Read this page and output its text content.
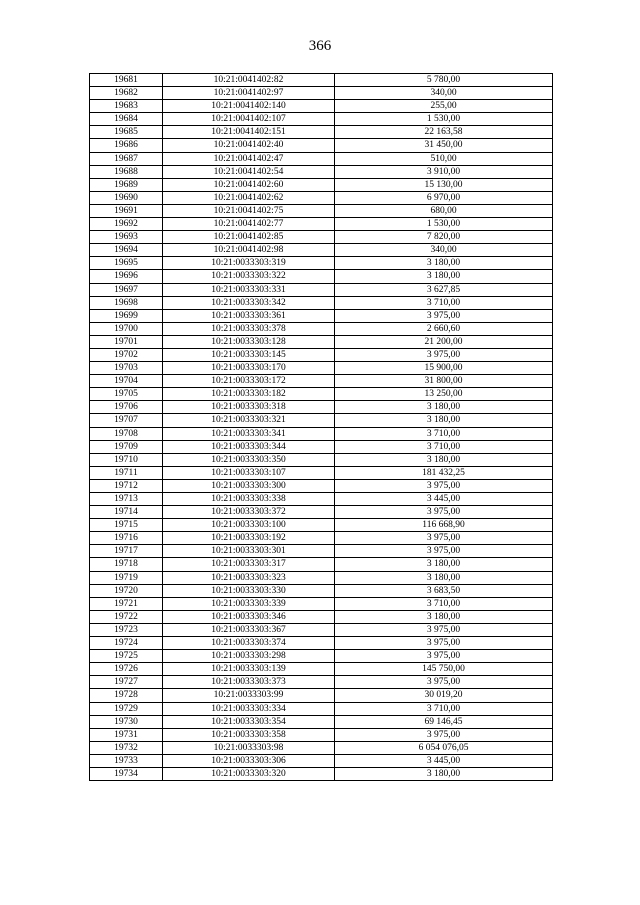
366
19681	10:21:0041402:82	5 780,00
19682	10:21:0041402:97	340,00
19683	10:21:0041402:140	255,00
19684	10:21:0041402:107	1 530,00
19685	10:21:0041402:151	22 163,58
19686	10:21:0041402:40	31 450,00
19687	10:21:0041402:47	510,00
19688	10:21:0041402:54	3 910,00
19689	10:21:0041402:60	15 130,00
19690	10:21:0041402:62	6 970,00
19691	10:21:0041402:75	680,00
19692	10:21:0041402:77	1 530,00
19693	10:21:0041402:85	7 820,00
19694	10:21:0041402:98	340,00
19695	10:21:0033303:319	3 180,00
19696	10:21:0033303:322	3 180,00
19697	10:21:0033303:331	3 627,85
19698	10:21:0033303:342	3 710,00
19699	10:21:0033303:361	3 975,00
19700	10:21:0033303:378	2 660,60
19701	10:21:0033303:128	21 200,00
19702	10:21:0033303:145	3 975,00
19703	10:21:0033303:170	15 900,00
19704	10:21:0033303:172	31 800,00
19705	10:21:0033303:182	13 250,00
19706	10:21:0033303:318	3 180,00
19707	10:21:0033303:321	3 180,00
19708	10:21:0033303:341	3 710,00
19709	10:21:0033303:344	3 710,00
19710	10:21:0033303:350	3 180,00
19711	10:21:0033303:107	181 432,25
19712	10:21:0033303:300	3 975,00
19713	10:21:0033303:338	3 445,00
19714	10:21:0033303:372	3 975,00
19715	10:21:0033303:100	116 668,90
19716	10:21:0033303:192	3 975,00
19717	10:21:0033303:301	3 975,00
19718	10:21:0033303:317	3 180,00
19719	10:21:0033303:323	3 180,00
19720	10:21:0033303:330	3 683,50
19721	10:21:0033303:339	3 710,00
19722	10:21:0033303:346	3 180,00
19723	10:21:0033303:367	3 975,00
19724	10:21:0033303:374	3 975,00
19725	10:21:0033303:298	3 975,00
19726	10:21:0033303:139	145 750,00
19727	10:21:0033303:373	3 975,00
19728	10:21:0033303:99	30 019,20
19729	10:21:0033303:334	3 710,00
19730	10:21:0033303:354	69 146,45
19731	10:21:0033303:358	3 975,00
19732	10:21:0033303:98	6 054 076,05
19733	10:21:0033303:306	3 445,00
19734	10:21:0033303:320	3 180,00
